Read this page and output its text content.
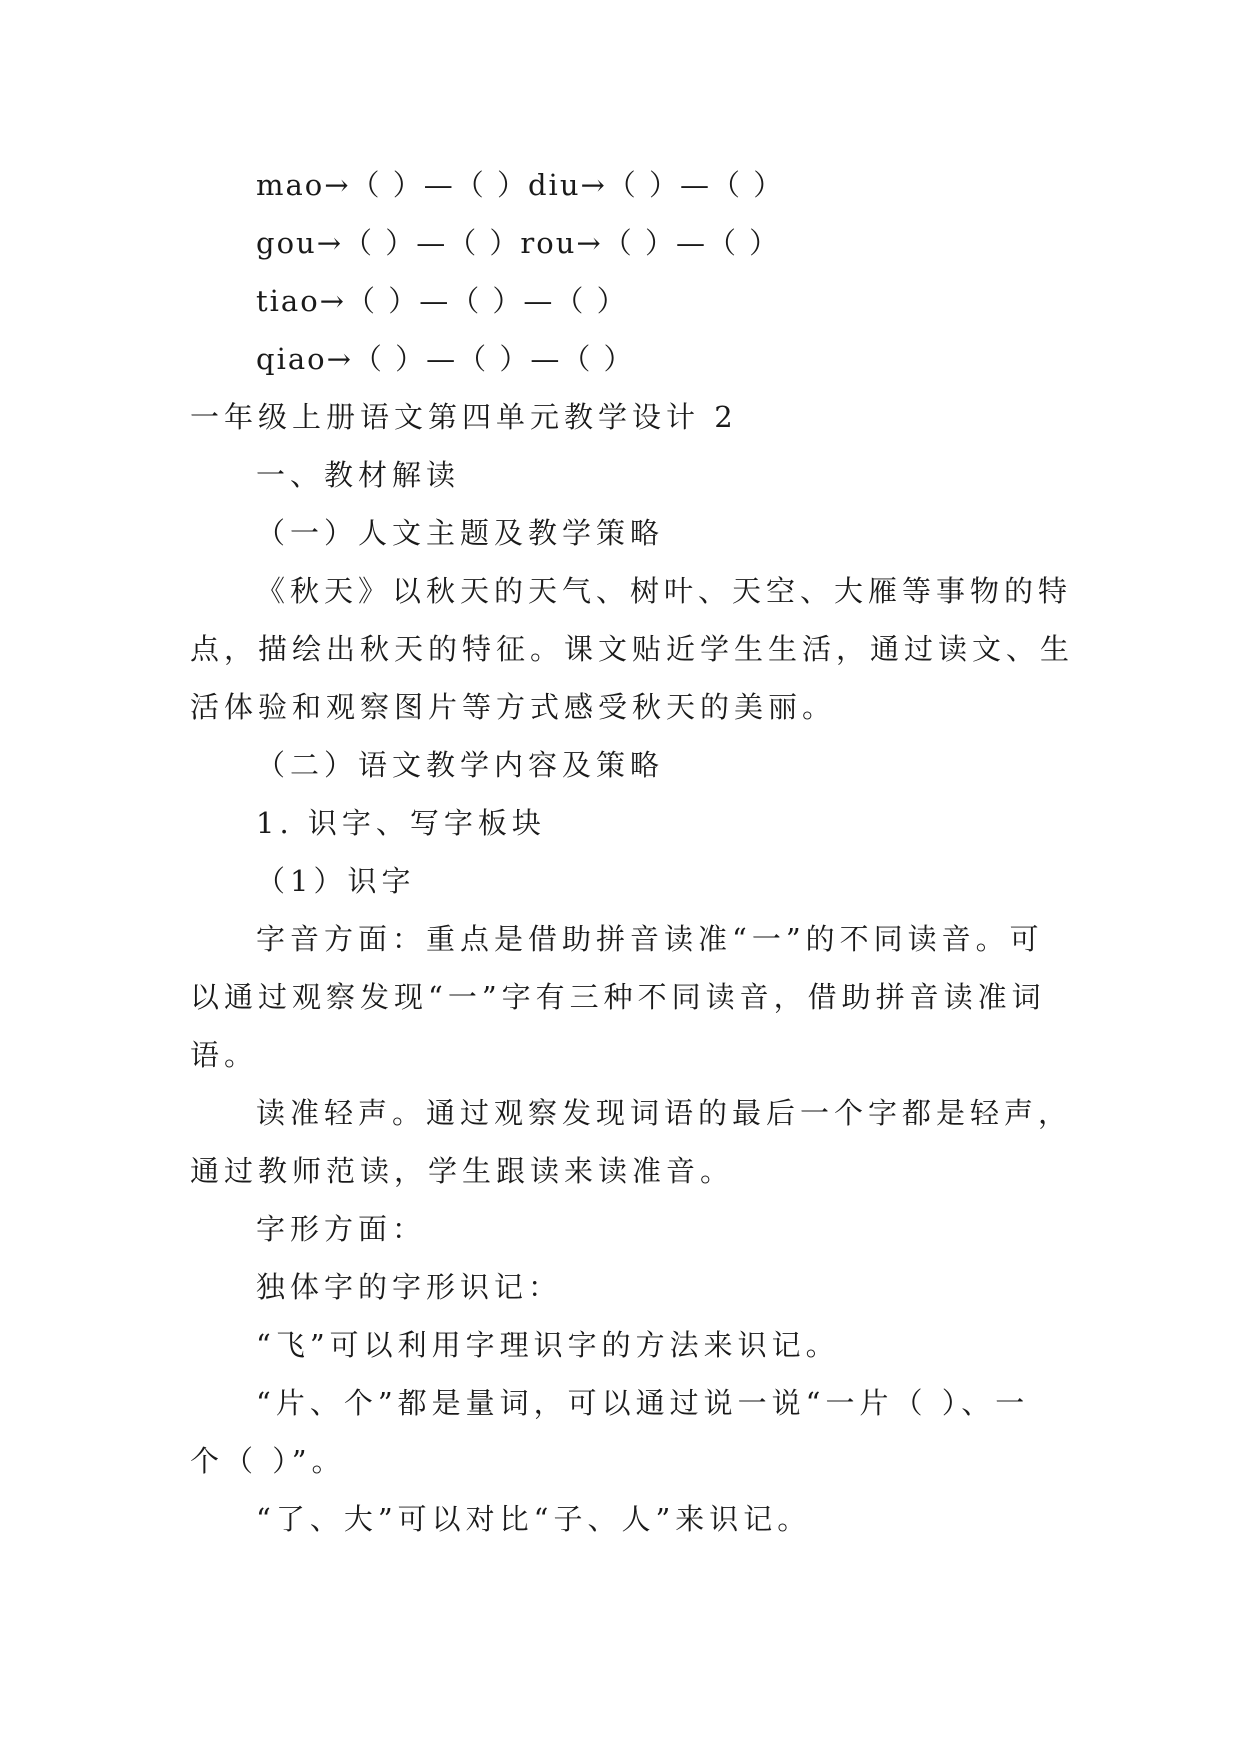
mao→（ ）—（ ）diu→（ ）—（ ）
gou→（ ）—（ ）rou→（ ）—（ ）
tiao→（ ）—（ ）—（ ）
qiao→（ ）—（ ）—（ ）
一年级上册语文第四单元教学设计 2
一、教材解读
（一）人文主题及教学策略
《秋天》以秋天的天气、树叶、天空、大雁等事物的特
点，描绘出秋天的特征。课文贴近学生生活，通过读文、生
活体验和观察图片等方式感受秋天的美丽。
（二）语文教学内容及策略
1. 识字、写字板块
（1）识字
字音方面：重点是借助拼音读准“一”的不同读音。可
以通过观察发现“一”字有三种不同读音，借助拼音读准词
语。
读准轻声。通过观察发现词语的最后一个字都是轻声，
通过教师范读，学生跟读来读准音。
字形方面：
独体字的字形识记：
“飞”可以利用字理识字的方法来识记。
“片、个”都是量词，可以通过说一说“一片（ ）、一
个（ ）”。
“了、大”可以对比“子、人”来识记。
